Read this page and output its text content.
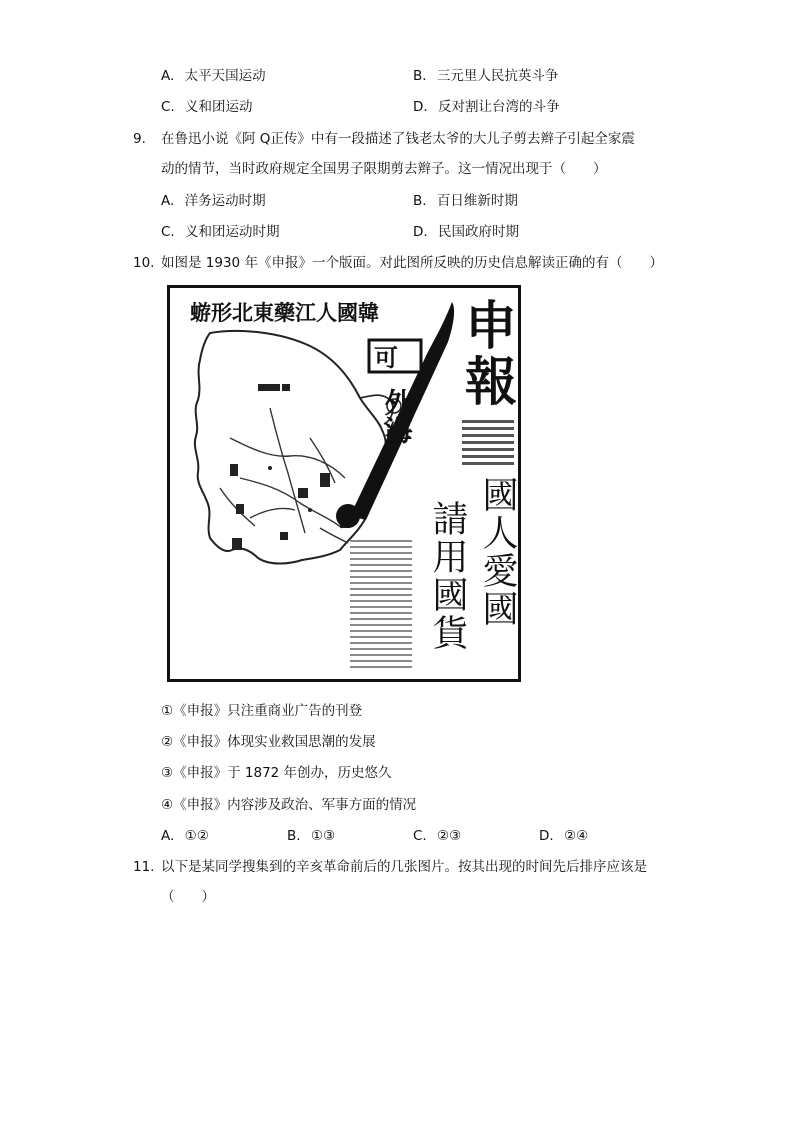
A. 太平天国运动	B. 三元里人民抗英斗争
C. 义和团运动	D. 反对割让台湾的斗争
9. 在鲁迅小说《阿 Q正传》中有一段描述了钱老太爷的大儿子剪去辫子引起全家震
动的情节，当时政府规定全国男子限期剪去辫子。这一情况出现于（　　）
A. 洋务运动时期	B. 百日维新时期
C. 义和团运动时期	D. 民国政府时期
10. 如图是 1930 年《申报》一个版面。对此图所反映的历史信息解读正确的有（　　）
蝣形北東藥江人國韓
可
外海
申報
國人愛國
請用國貨
①《申报》只注重商业广告的刊登
②《申报》体现实业救国思潮的发展
③《申报》于 1872 年创办，历史悠久
④《申报》内容涉及政治、军事方面的情况
A. ①②	B. ①③	C. ②③	D. ②④
11. 以下是某同学搜集到的辛亥革命前后的几张图片。按其出现的时间先后排序应该是
（　　）
